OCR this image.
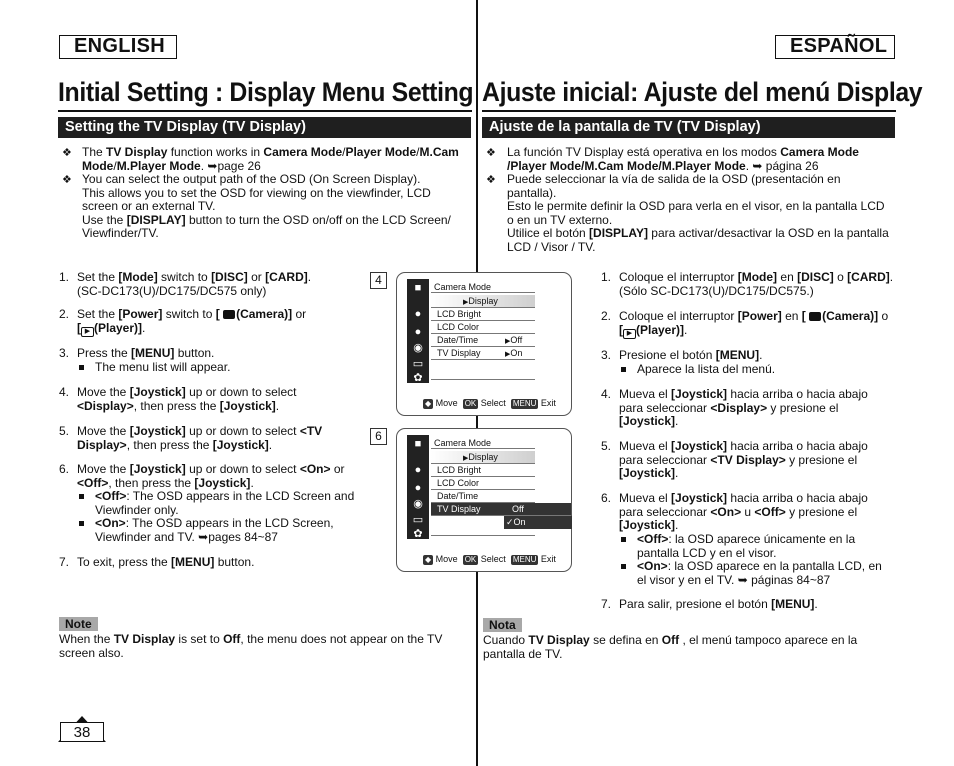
ENGLISH	ESPAÑOL
Initial Setting : Display Menu Setting Ajuste inicial: Ajuste del menú Display
Setting the TV Display (TV Display)	Ajuste de la pantalla de TV (TV Display)
❖ The TV Display function works in Camera Mode/Player Mode/M.Cam
Mode/M.Player Mode. ➥page 26
❖ You can select the output path of the OSD (On Screen Display).
This allows you to set the OSD for viewing on the viewfinder, LCD
screen or an external TV.
Use the [DISPLAY] button to turn the OSD on/off on the LCD Screen/
Viewfinder/TV.
1. Set the [Mode] switch to [DISC] or [CARD].
(SC-DC173(U)/DC175/DC575 only)
2. Set the [Power] switch to [ (Camera)] or
[ ▶ (Player)].
3. Press the [MENU] button.
The menu list will appear.
4. Move the [Joystick] up or down to select
<Display>, then press the [Joystick].
5. Move the [Joystick] up or down to select <TV
Display>, then press the [Joystick].
6. Move the [Joystick] up or down to select <On> or
<Off>, then press the [Joystick].
<Off>: The OSD appears in the LCD Screen and
Viewfinder only.
<On>: The OSD appears in the LCD Screen,
Viewfinder and TV. ➥pages 84~87
7. To exit, press the [MENU] button.
Note
When the TV Display is set to Off, the menu does not appear on the TV
screen also.
4
■
●
●
◉
▭
✿
Camera Mode
▶Display
LCD Bright
LCD Color
Date/Time
TV Display
▶Off
▶On
◆ Move OK Select MENU Exit
6
■
●
●
◉
▭
✿
Camera Mode
▶Display
LCD Bright
LCD Color
Date/Time
TV Display	Off
✓On
◆ Move OK Select MENU Exit
❖ La función TV Display está operativa en los modos Camera Mode
/Player Mode/M.Cam Mode/M.Player Mode. ➥ página 26
❖ Puede seleccionar la vía de salida de la OSD (presentación en
pantalla).
Esto le permite definir la OSD para verla en el visor, en la pantalla LCD
o en un TV externo.
Utilice el botón [DISPLAY] para activar/desactivar la OSD en la pantalla
LCD / Visor / TV.
1. Coloque el interruptor [Mode] en [DISC] o [CARD].
(Sólo SC-DC173(U)/DC175/DC575.)
2. Coloque el interruptor [Power] en [ (Camera)] o
[ ▶ (Player)].
3. Presione el botón [MENU].
Aparece la lista del menú.
4. Mueva el [Joystick] hacia arriba o hacia abajo
para seleccionar <Display> y presione el
[Joystick].
5. Mueva el [Joystick] hacia arriba o hacia abajo
para seleccionar <TV Display> y presione el
[Joystick].
6. Mueva el [Joystick] hacia arriba o hacia abajo
para seleccionar <On> u <Off> y presione el
[Joystick].
<Off>: la OSD aparece únicamente en la
pantalla LCD y en el visor.
<On>: la OSD aparece en la pantalla LCD, en
el visor y en el TV. ➥ páginas 84~87
7. Para salir, presione el botón [MENU].
Nota
Cuando TV Display se defina en Off , el menú tampoco aparece en la
pantalla de TV.
38
